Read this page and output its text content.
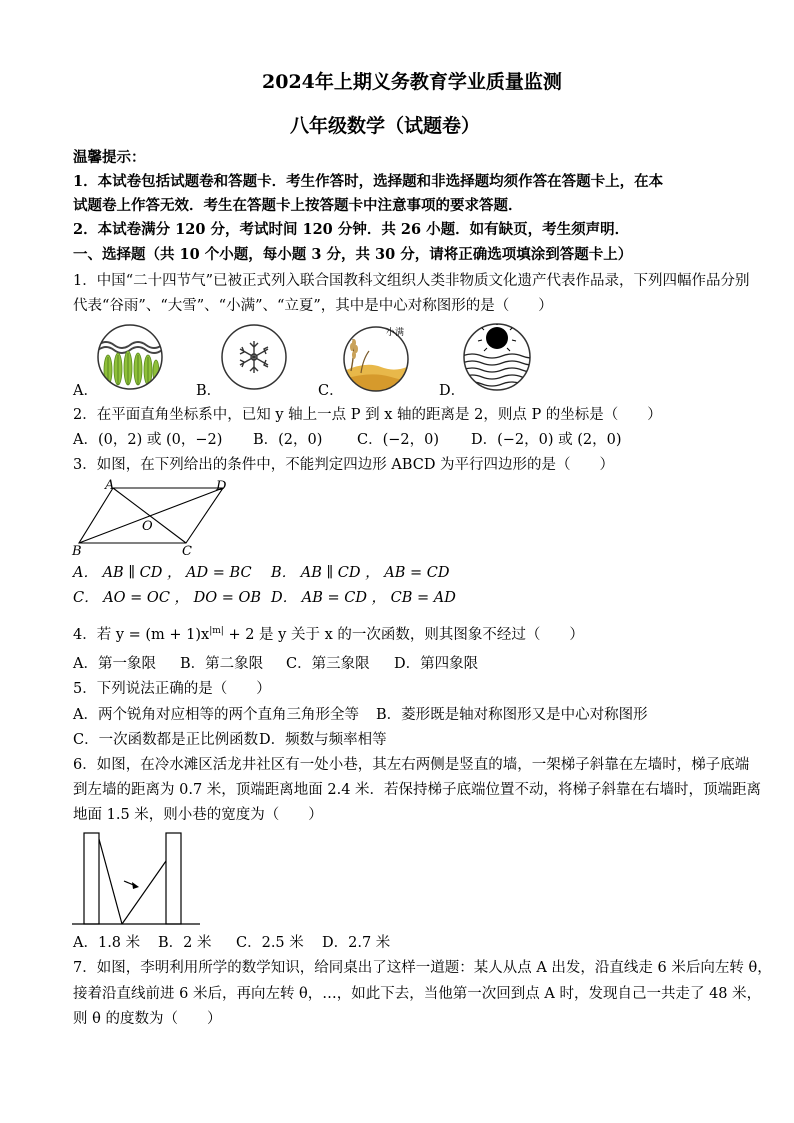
2024年上期义务教育学业质量监测
八年级数学（试题卷）
温馨提示：
1．本试卷包括试题卷和答题卡．考生作答时，选择题和非选择题均须作答在答题卡上，在本
试题卷上作答无效．考生在答题卡上按答题卡中注意事项的要求答题．
2．本试卷满分 120 分，考试时间 120 分钟．共 26 小题．如有缺页，考生须声明．
一、选择题（共 10 个小题，每小题 3 分，共 30 分，请将正确选项填涂到答题卡上）
1．中国“二十四节气”已被正式列入联合国教科文组织人类非物质文化遗产代表作品录，下列四幅作品分别
代表“谷雨”、“大雪”、“小满”、“立夏”，其中是中心对称图形的是（　　）
A．	B．	C．	D．
小满
2．在平面直角坐标系中，已知 y 轴上一点 P 到 x 轴的距离是 2，则点 P 的坐标是（　　）
A．(0，2) 或 (0，−2) B．(2，0) C．(−2，0) D．(−2，0) 或 (2，0)
3．如图，在下列给出的条件中，不能判定四边形 ABCD 为平行四边形的是（　　）
A	D
B	C
O
A． AB ∥ CD ， AD = BC B． AB ∥ CD ， AB = CD
C． AO = OC ， DO = OB D． AB = CD ， CB = AD
4．若 $y = (m + 1)x^{|m|} + 2$ 是 y 关于 x 的一次函数，则其图象不经过（　　）
A．第一象限 B．第二象限 C．第三象限 D．第四象限
5．下列说法正确的是（　　）
A．两个锐角对应相等的两个直角三角形全等 B．菱形既是轴对称图形又是中心对称图形
C．一次函数都是正比例函数 D．频数与频率相等
6．如图，在冷水滩区活龙井社区有一处小巷，其左右两侧是竖直的墙，一架梯子斜靠在左墙时，梯子底端
到左墙的距离为 0.7 米，顶端距离地面 2.4 米．若保持梯子底端位置不动，将梯子斜靠在右墙时，顶端距离
地面 1.5 米，则小巷的宽度为（　　）
A．1.8 米 B．2 米 C．2.5 米 D．2.7 米
7．如图，李明利用所学的数学知识，给同桌出了这样一道题：某人从点 A 出发，沿直线走 6 米后向左转 θ，
接着沿直线前进 6 米后，再向左转 θ，…，如此下去，当他第一次回到点 A 时，发现自己一共走了 48 米，
则 θ 的度数为（　　）
